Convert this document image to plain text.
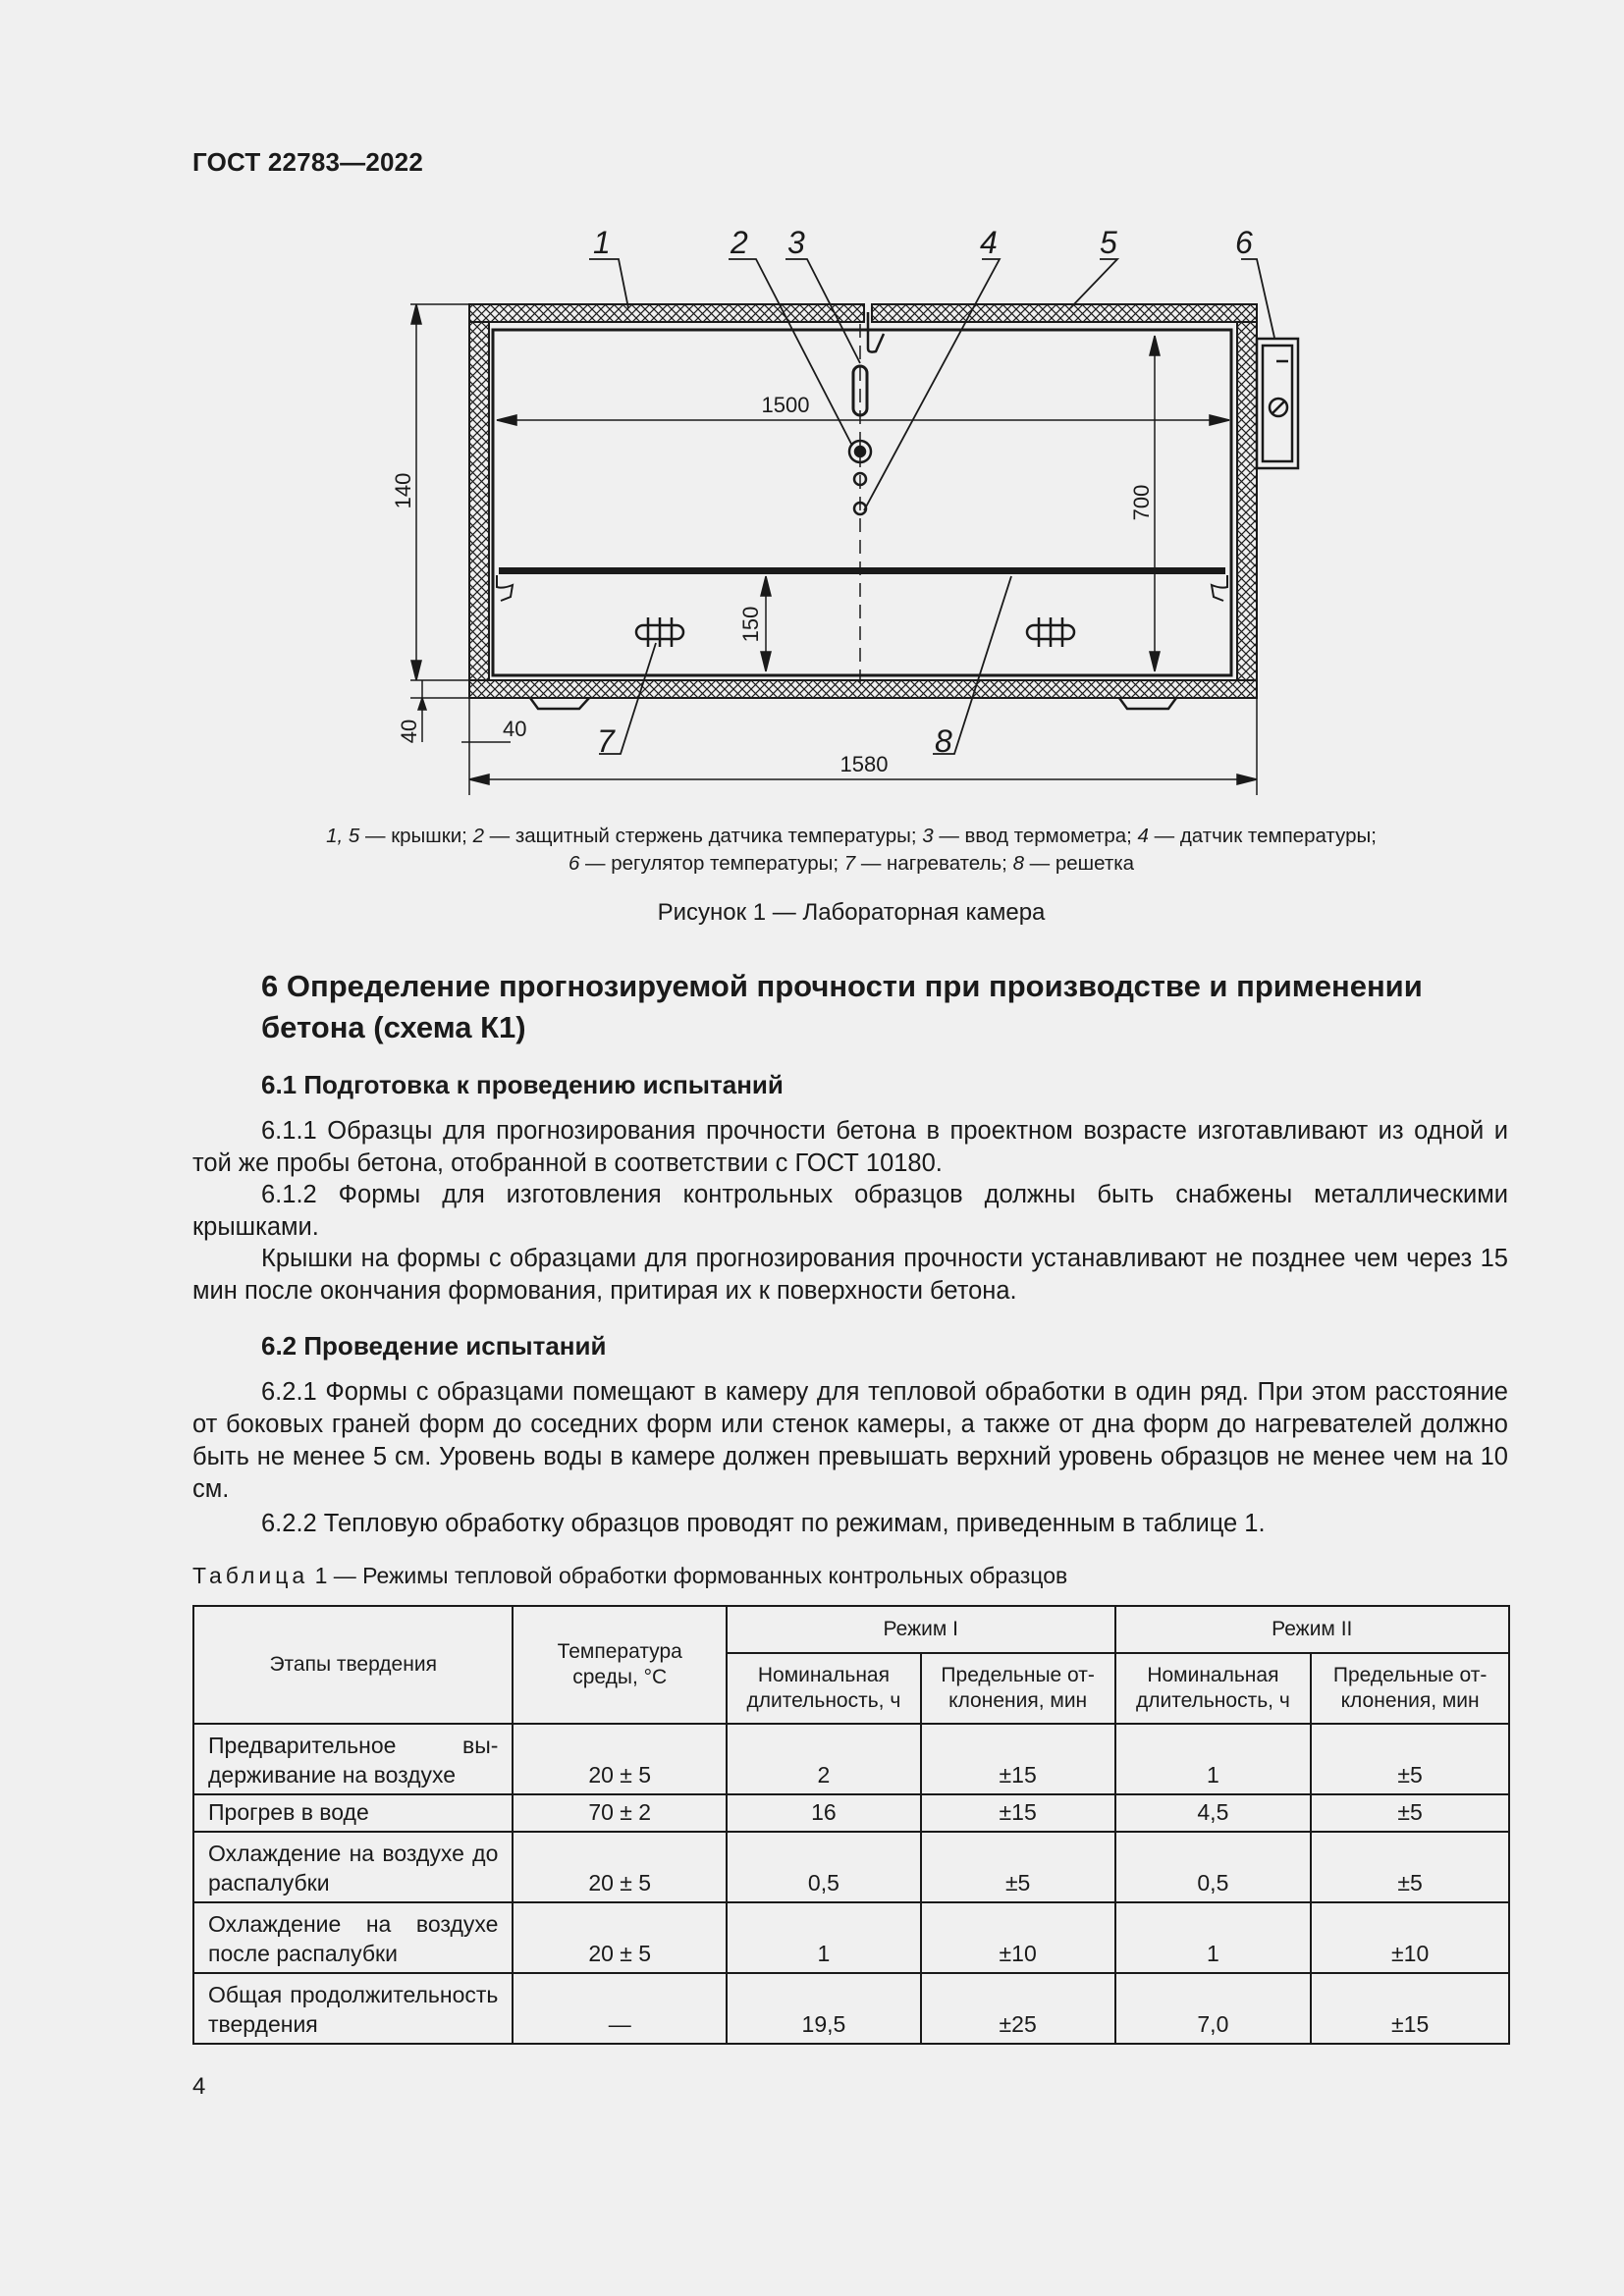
ГОСТ 22783—2022
1500
700
140
150
40	40
1580
1	2 3	4	5	6
7	8
1, 5 — крышки; 2 — защитный стержень датчика температуры; 3 — ввод термометра; 4 — датчик температуры;
6 — регулятор температуры; 7 — нагреватель; 8 — решетка
Рисунок 1 — Лабораторная камера
6 Определение прогнозируемой прочности при производстве и применении бетона (схема К1)
6.1 Подготовка к проведению испытаний
6.1.1 Образцы для прогнозирования прочности бетона в проектном возрасте изготавливают из одной и той же пробы бетона, отобранной в соответствии с ГОСТ 10180.
6.1.2 Формы для изготовления контрольных образцов должны быть снабжены металлическими крышками.
Крышки на формы с образцами для прогнозирования прочности устанавливают не позднее чем через 15 мин после окончания формования, притирая их к поверхности бетона.
6.2 Проведение испытаний
6.2.1 Формы с образцами помещают в камеру для тепловой обработки в один ряд. При этом расстояние от боковых граней форм до соседних форм или стенок камеры, а также от дна форм до нагревателей должно быть не менее 5 см. Уровень воды в камере должен превышать верхний уровень образцов не менее чем на 10 см.
6.2.2 Тепловую обработку образцов проводят по режимам, приведенным в таблице 1.
Таблица 1 — Режимы тепловой обработки формованных контрольных образцов
Этапы твердения	Температура среды, °С	Режим I		Режим II	
		Номинальная длительность, ч	Предельные отклонения, мин	Номинальная длительность, ч	Предельные отклонения, мин
Предварительное выдерживание на воздухе	20 ± 5	2	±15	1	±5
Прогрев в воде	70 ± 2	16	±15	4,5	±5
Охлаждение на воздухе до распалубки	20 ± 5	0,5	±5	0,5	±5
Охлаждение на воздухе после распалубки	20 ± 5	1	±10	1	±10
Общая продолжительность твердения	—	19,5	±25	7,0	±15
4
